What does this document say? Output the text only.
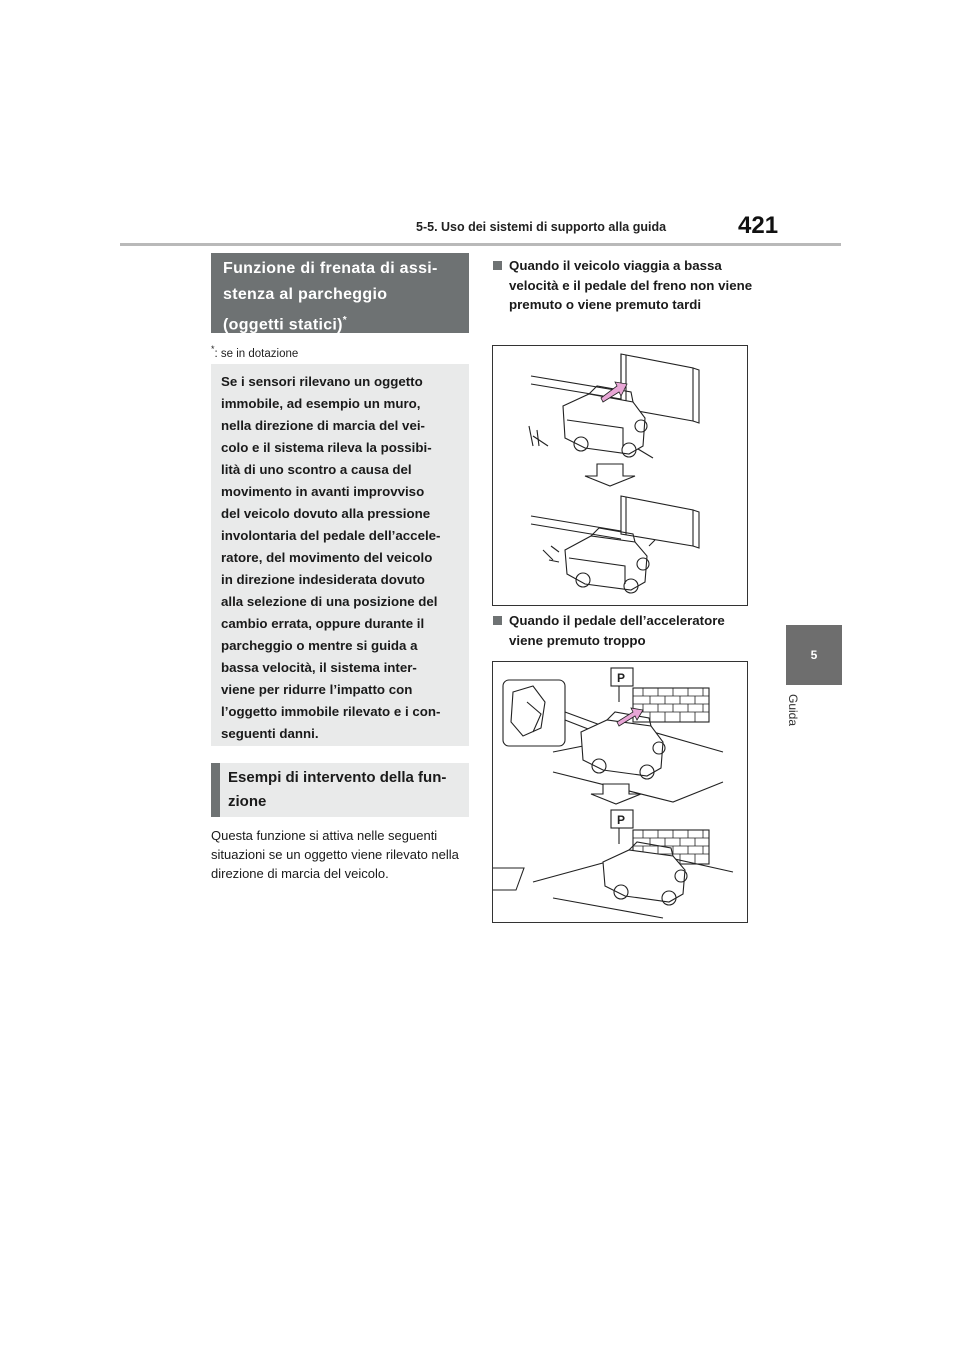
5-5. Uso dei sistemi di supporto alla guida	421
5
Guida
Funzione di frenata di assi-
stenza al parcheggio
(oggetti statici)*
*: se in dotazione
Se i sensori rilevano un oggetto
immobile, ad esempio un muro,
nella direzione di marcia del vei-
colo e il sistema rileva la possibi-
lità di uno scontro a causa del
movimento in avanti improvviso
del veicolo dovuto alla pressione
involontaria del pedale dell’accele-
ratore, del movimento del veicolo
in direzione indesiderata dovuto
alla selezione di una posizione del
cambio errata, oppure durante il
parcheggio o mentre si guida a
bassa velocità, il sistema inter-
viene per ridurre l’impatto con
l’oggetto immobile rilevato e i con-
seguenti danni.
Esempi di intervento della fun-
zione
Questa funzione si attiva nelle seguenti situazioni se un oggetto viene rilevato nella direzione di marcia del veicolo.
Quando il veicolo viaggia a bassa velocità e il pedale del freno non viene premuto o viene premuto tardi
Quando il pedale dell’acceleratore viene premuto troppo
P
P
